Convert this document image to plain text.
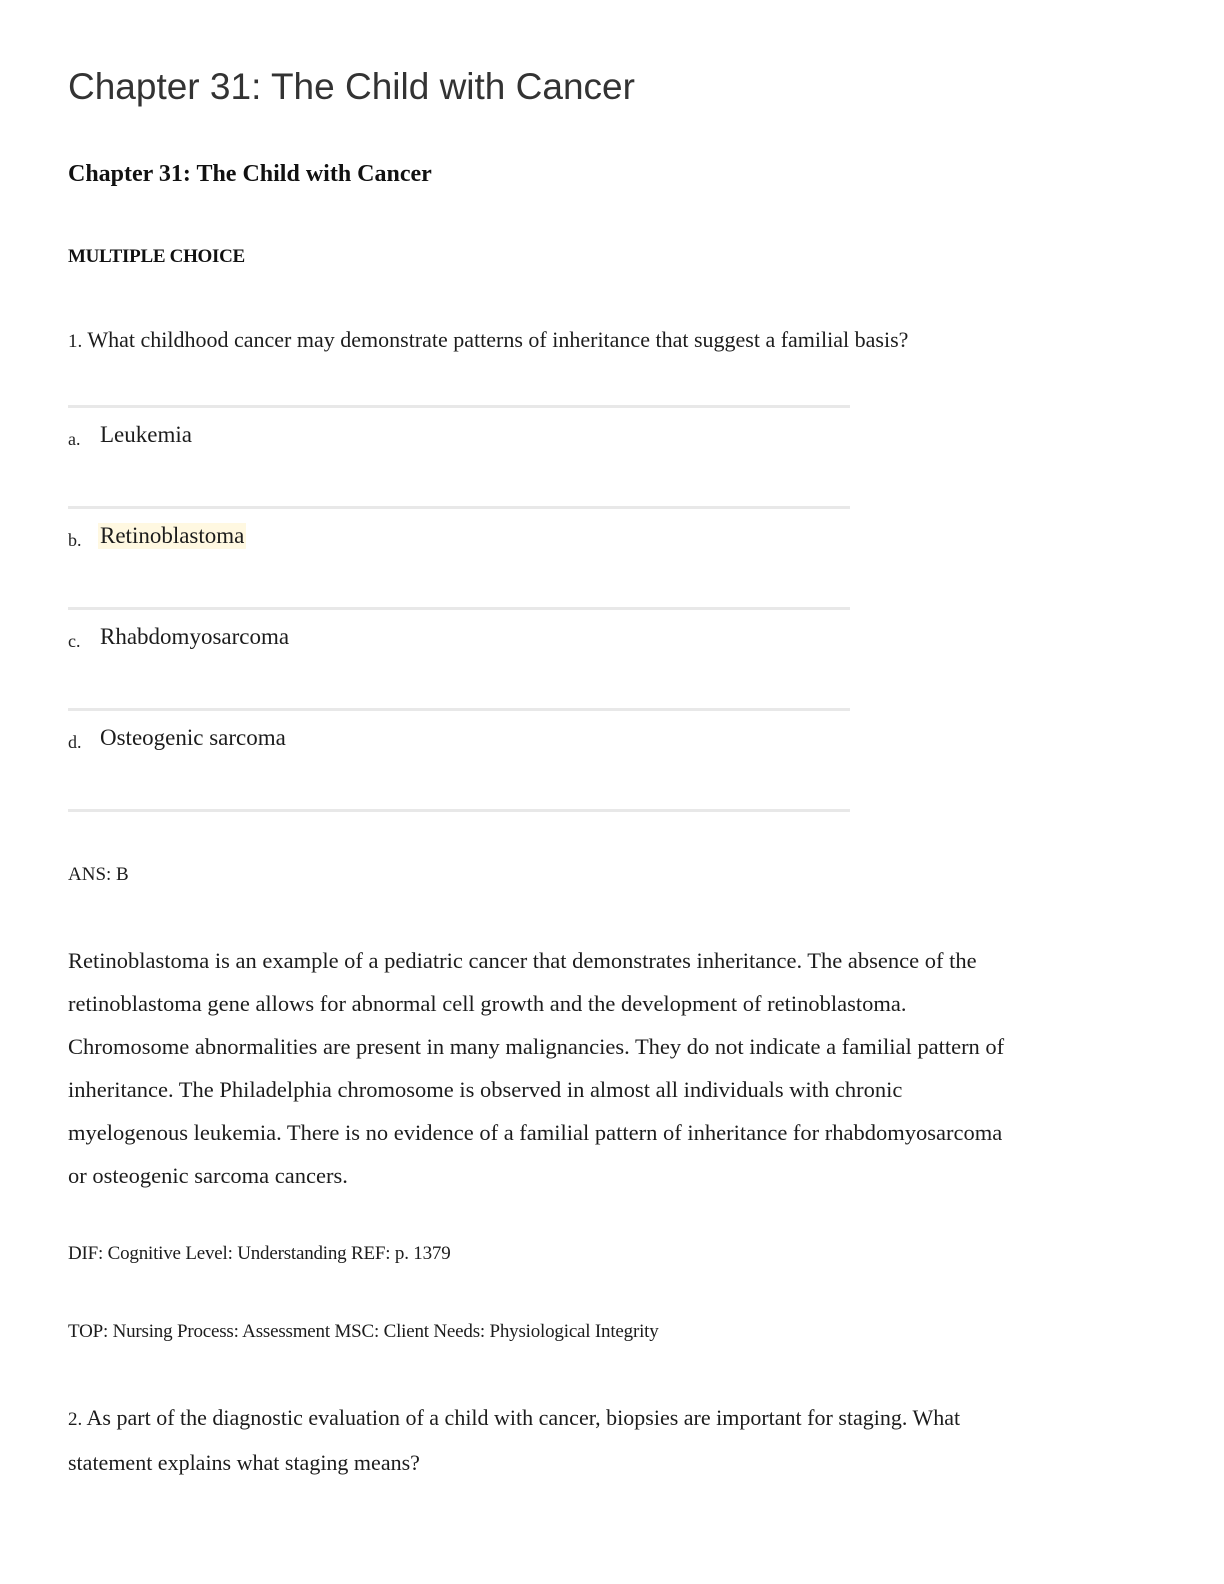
Chapter 31: The Child with Cancer
Chapter 31: The Child with Cancer
MULTIPLE CHOICE
1. What childhood cancer may demonstrate patterns of inheritance that suggest a familial basis?
a. Leukemia
b. Retinoblastoma
c. Rhabdomyosarcoma
d. Osteogenic sarcoma
ANS: B
Retinoblastoma is an example of a pediatric cancer that demonstrates inheritance. The absence of the
retinoblastoma gene allows for abnormal cell growth and the development of retinoblastoma.
Chromosome abnormalities are present in many malignancies. They do not indicate a familial pattern of
inheritance. The Philadelphia chromosome is observed in almost all individuals with chronic
myelogenous leukemia. There is no evidence of a familial pattern of inheritance for rhabdomyosarcoma
or osteogenic sarcoma cancers.
DIF: Cognitive Level: Understanding REF: p. 1379
TOP: Nursing Process: Assessment MSC: Client Needs: Physiological Integrity
2. As part of the diagnostic evaluation of a child with cancer, biopsies are important for staging. What
statement explains what staging means?
